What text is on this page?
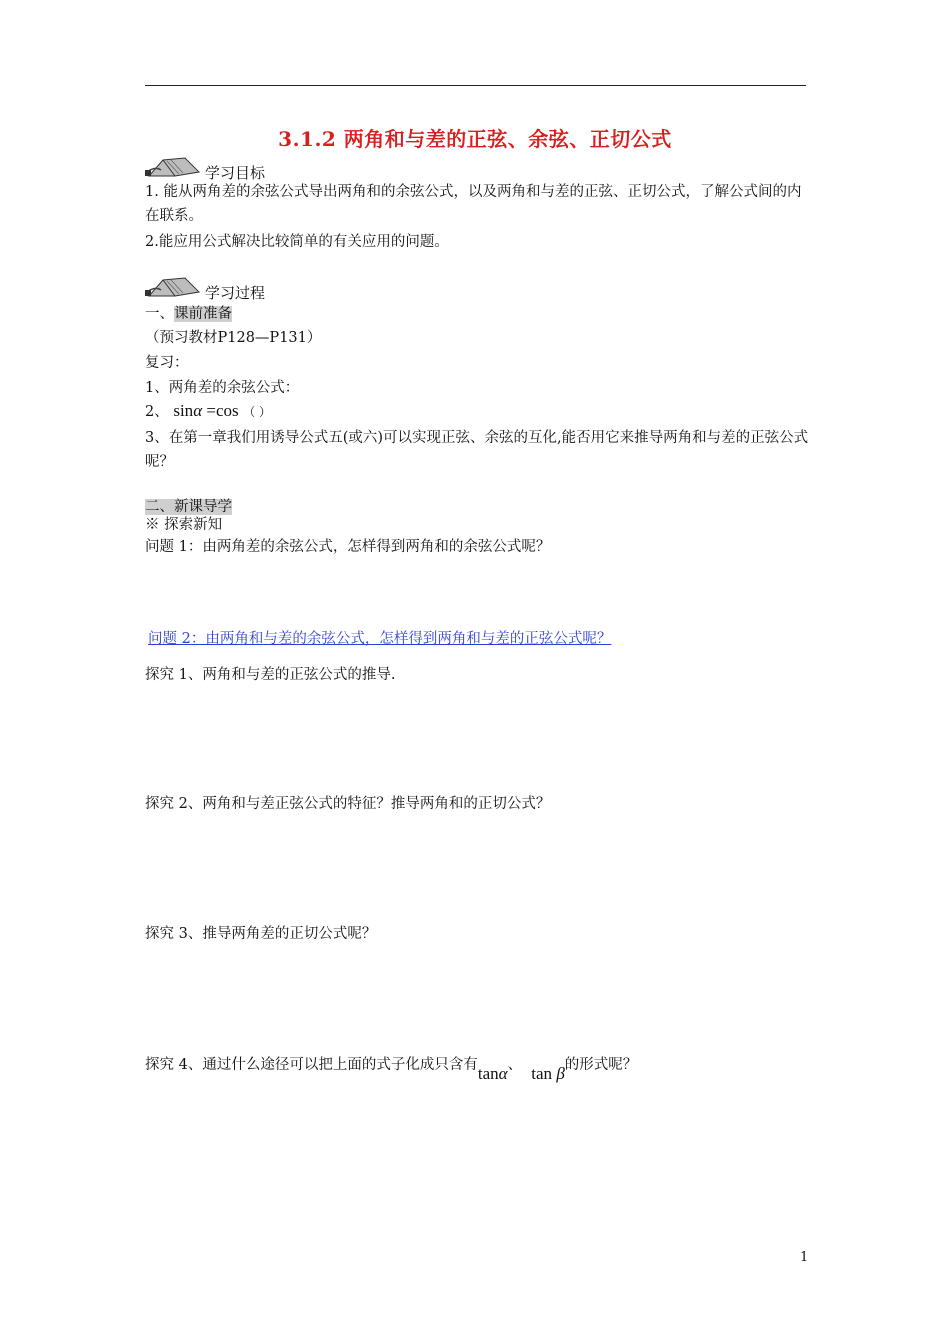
3.1.2 两角和与差的正弦、余弦、正切公式
学习目标
1. 能从两角差的余弦公式导出两角和的余弦公式，以及两角和与差的正弦、正切公式，了解公式间的内在联系。
2.能应用公式解决比较简单的有关应用的问题。
学习过程
一、课前准备
（预习教材P128—P131）
复习：
1、两角差的余弦公式：
2、 sinα =cos （ ）
3、在第一章我们用诱导公式五(或六)可以实现正弦、余弦的互化,能否用它来推导两角和与差的正弦公式呢？
二、新课导学
※ 探索新知
问题 1：由两角差的余弦公式，怎样得到两角和的余弦公式呢？
问题 2：由两角和与差的余弦公式，怎样得到两角和与差的正弦公式呢？
探究 1、两角和与差的正弦公式的推导.
探究 2、两角和与差正弦公式的特征？推导两角和的正切公式？
探究 3、推导两角差的正切公式呢？
探究 4、通过什么途径可以把上面的式子化成只含有tanα、 tan β的形式呢？
1
